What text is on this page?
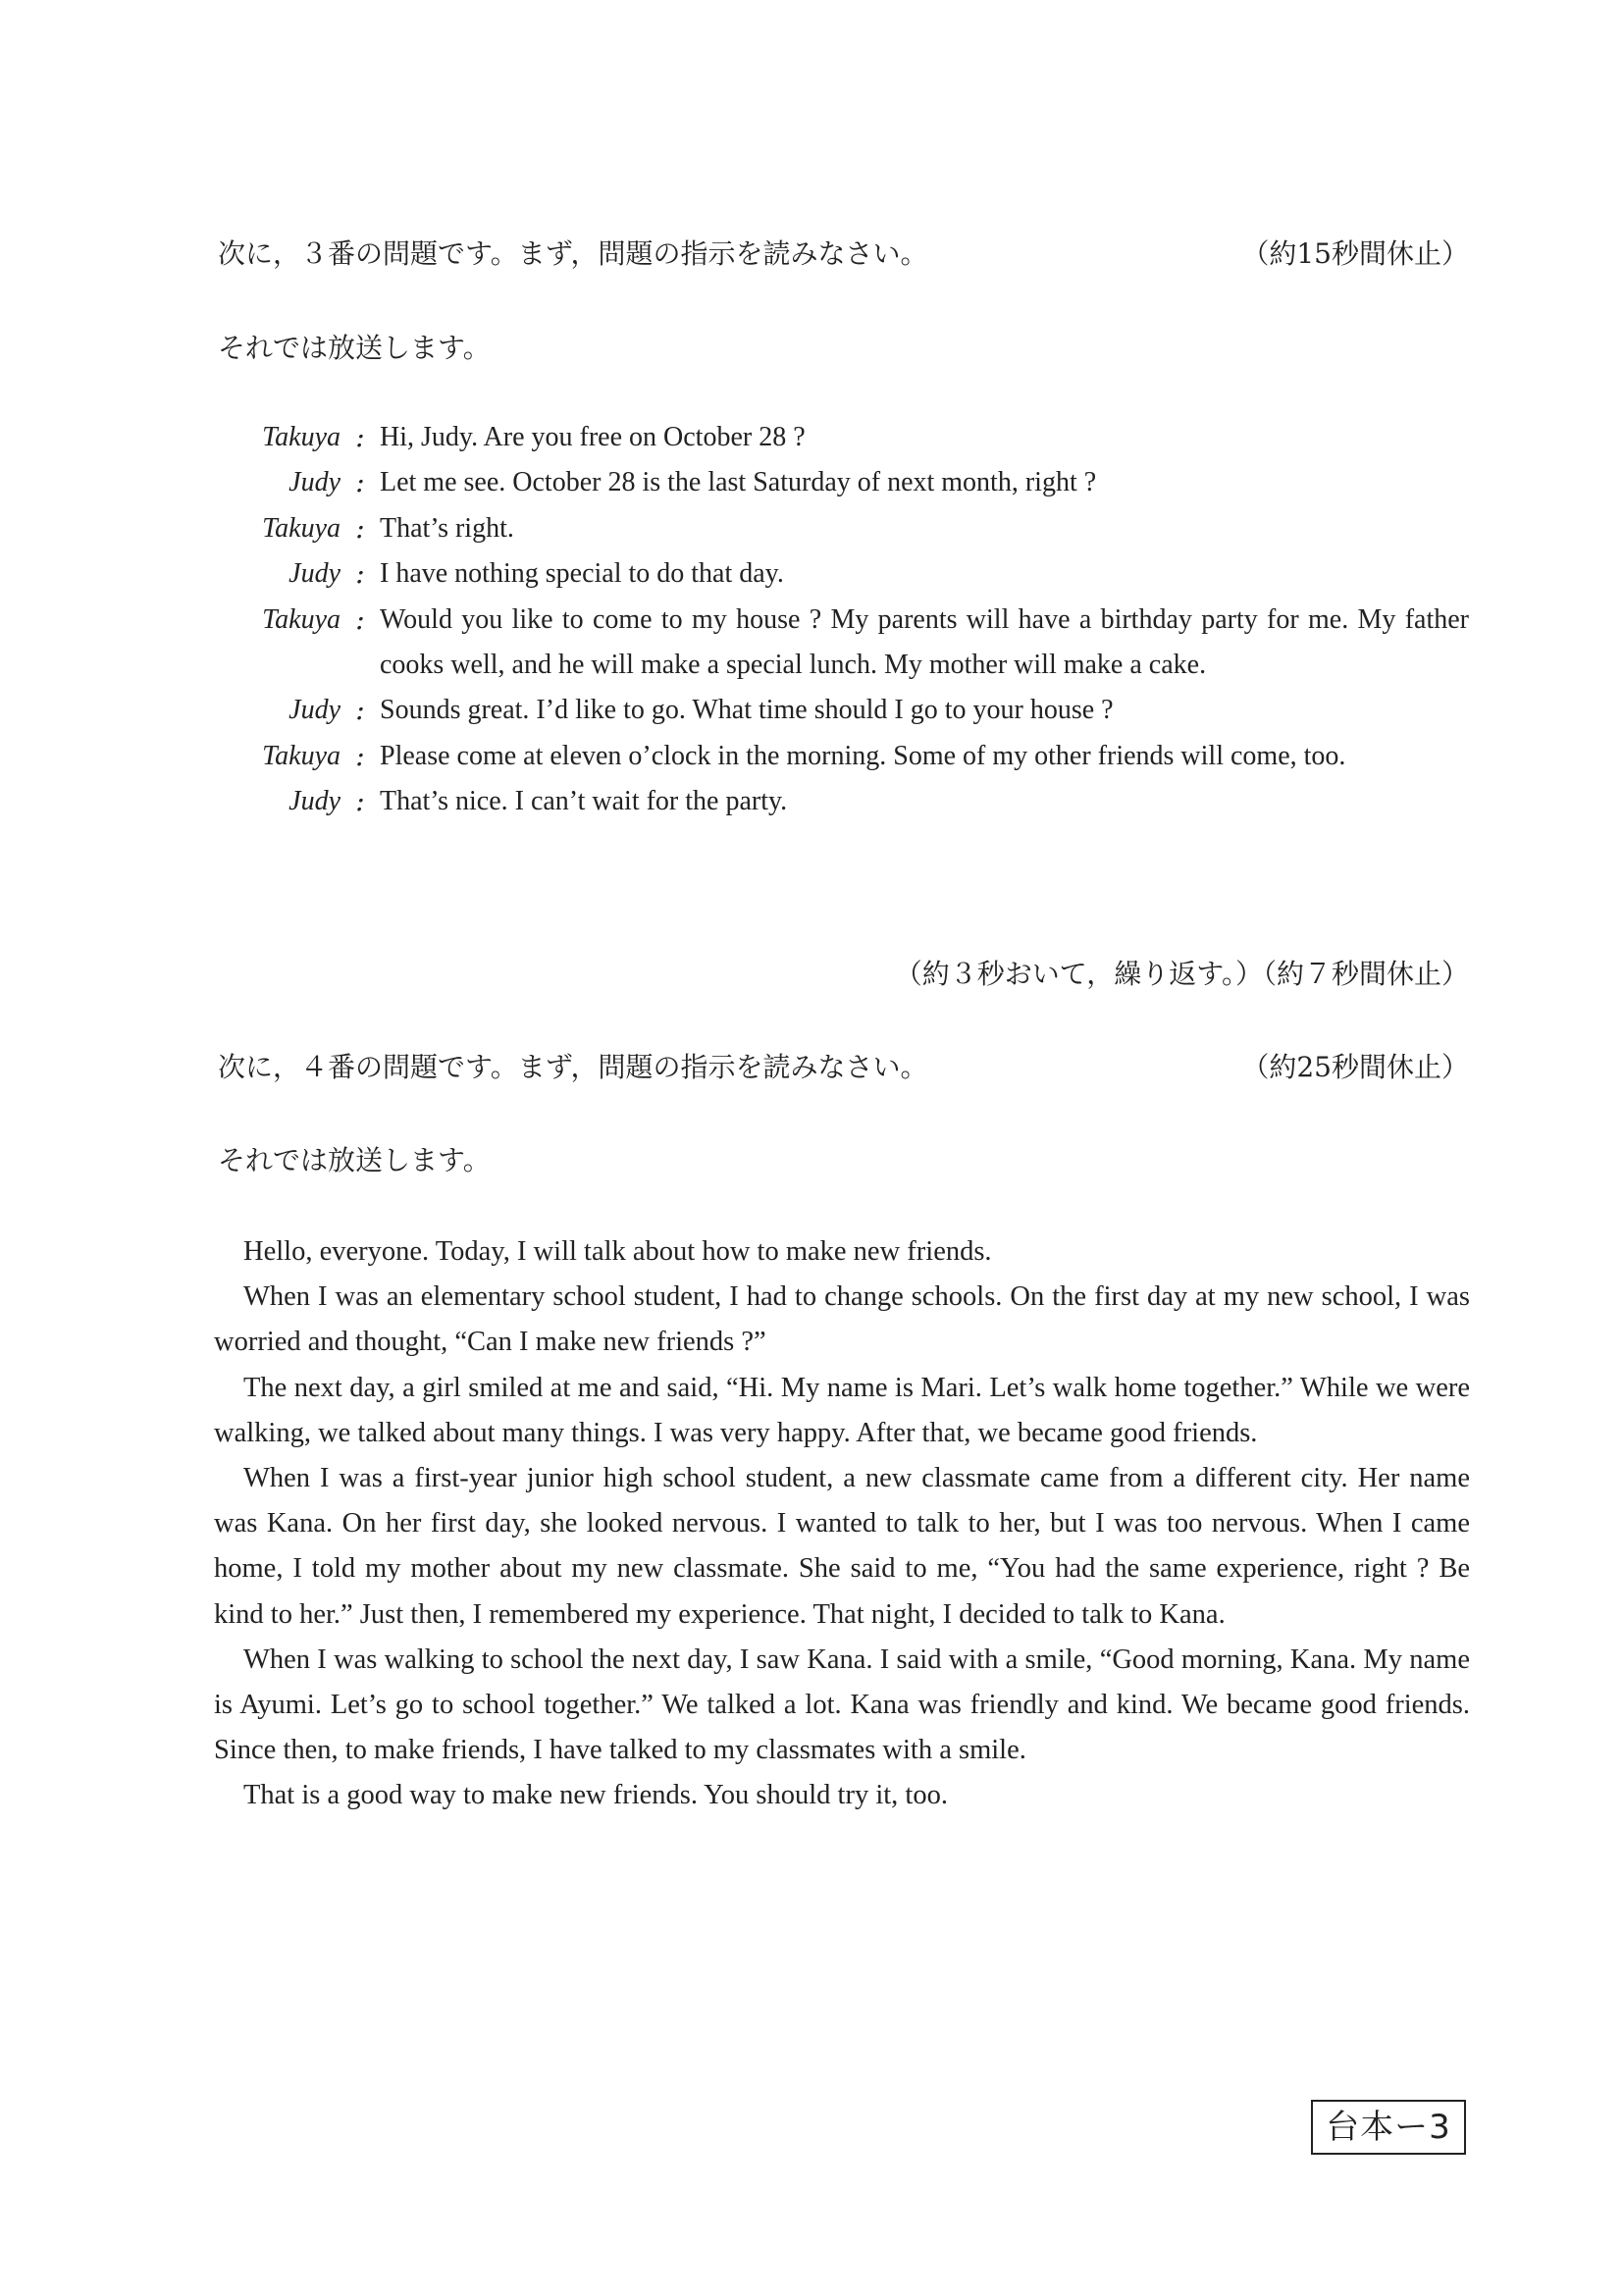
次に，３番の問題です。まず，問題の指示を読みなさい。	（約15秒間休止）
それでは放送します。
Takuya : Hi, Judy. Are you free on October 28 ?
Judy : Let me see. October 28 is the last Saturday of next month, right ?
Takuya : That’s right.
Judy : I have nothing special to do that day.
Takuya : Would you like to come to my house ? My parents will have a birthday party for me. My father cooks well, and he will make a special lunch. My mother will make a cake.
Judy : Sounds great. I’d like to go. What time should I go to your house ?
Takuya : Please come at eleven o’clock in the morning. Some of my other friends will come, too.
Judy : That’s nice. I can’t wait for the party.
（約３秒おいて，繰り返す。）（約７秒間休止）
次に，４番の問題です。まず，問題の指示を読みなさい。	（約25秒間休止）
それでは放送します。

Hello, everyone. Today, I will talk about how to make new friends.

When I was an elementary school student, I had to change schools. On the first day at my new school, I was worried and thought, “Can I make new friends ?”

The next day, a girl smiled at me and said, “Hi. My name is Mari. Let’s walk home together.” While we were walking, we talked about many things. I was very happy. After that, we became good friends.

When I was a first-year junior high school student, a new classmate came from a different city. Her name was Kana. On her first day, she looked nervous. I wanted to talk to her, but I was too nervous. When I came home, I told my mother about my new classmate. She said to me, “You had the same experience, right ? Be kind to her.” Just then, I remembered my experience. That night, I decided to talk to Kana.

When I was walking to school the next day, I saw Kana. I said with a smile, “Good morning, Kana. My name is Ayumi. Let’s go to school together.” We talked a lot. Kana was friendly and kind. We became good friends. Since then, to make friends, I have talked to my classmates with a smile.

That is a good way to make new friends. You should try it, too.

台本ー3
